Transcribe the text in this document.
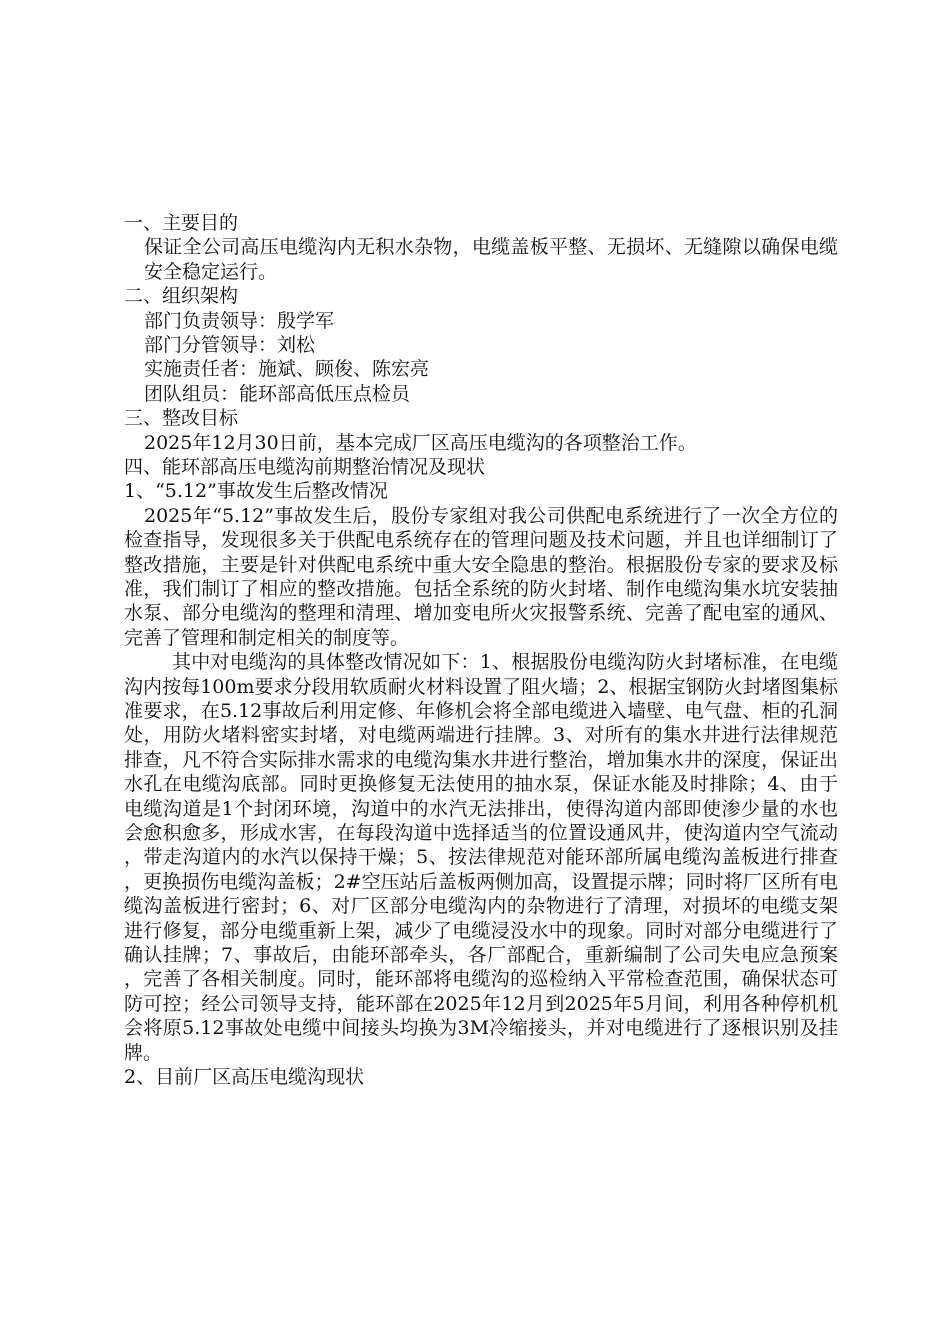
一、主要目的
保证全公司高压电缆沟内无积水杂物，电缆盖板平整、无损坏、无缝隙以确保电缆安全稳定运行。
二、组织架构
部门负责领导：殷学军
部门分管领导：刘松
实施责任者：施斌、顾俊、陈宏亮
团队组员：能环部高低压点检员
三、整改目标
2025年12月30日前，基本完成厂区高压电缆沟的各项整治工作。
四、能环部高压电缆沟前期整治情况及现状
1、“5.12”事故发生后整改情况
2025年“5.12”事故发生后，股份专家组对我公司供配电系统进行了一次全方位的检查指导，发现很多关于供配电系统存在的管理问题及技术问题，并且也详细制订了整改措施，主要是针对供配电系统中重大安全隐患的整治。根据股份专家的要求及标准，我们制订了相应的整改措施。包括全系统的防火封堵、制作电缆沟集水坑安装抽水泵、部分电缆沟的整理和清理、增加变电所火灾报警系统、完善了配电室的通风、完善了管理和制定相关的制度等。
其中对电缆沟的具体整改情况如下：1、根据股份电缆沟防火封堵标准，在电缆沟内按每100m要求分段用软质耐火材料设置了阻火墙；2、根据宝钢防火封堵图集标准要求，在5.12事故后利用定修、年修机会将全部电缆进入墙壁、电气盘、柜的孔洞处，用防火堵料密实封堵，对电缆两端进行挂牌。3、对所有的集水井进行法律规范排查，凡不符合实际排水需求的电缆沟集水井进行整治，增加集水井的深度，保证出水孔在电缆沟底部。同时更换修复无法使用的抽水泵，保证水能及时排除；4、由于电缆沟道是1个封闭环境，沟道中的水汽无法排出，使得沟道内部即使渗少量的水也会愈积愈多，形成水害，在每段沟道中选择适当的位置设通风井，使沟道内空气流动，带走沟道内的水汽以保持干燥；5、按法律规范对能环部所属电缆沟盖板进行排查，更换损伤电缆沟盖板；2#空压站后盖板两侧加高，设置提示牌；同时将厂区所有电缆沟盖板进行密封；6、对厂区部分电缆沟内的杂物进行了清理，对损坏的电缆支架进行修复，部分电缆重新上架，减少了电缆浸没水中的现象。同时对部分电缆进行了确认挂牌；7、事故后，由能环部牵头，各厂部配合，重新编制了公司失电应急预案，完善了各相关制度。同时，能环部将电缆沟的巡检纳入平常检查范围，确保状态可防可控；经公司领导支持，能环部在2025年12月到2025年5月间，利用各种停机机会将原5.12事故处电缆中间接头均换为3M冷缩接头，并对电缆进行了逐根识别及挂牌。
2、目前厂区高压电缆沟现状
